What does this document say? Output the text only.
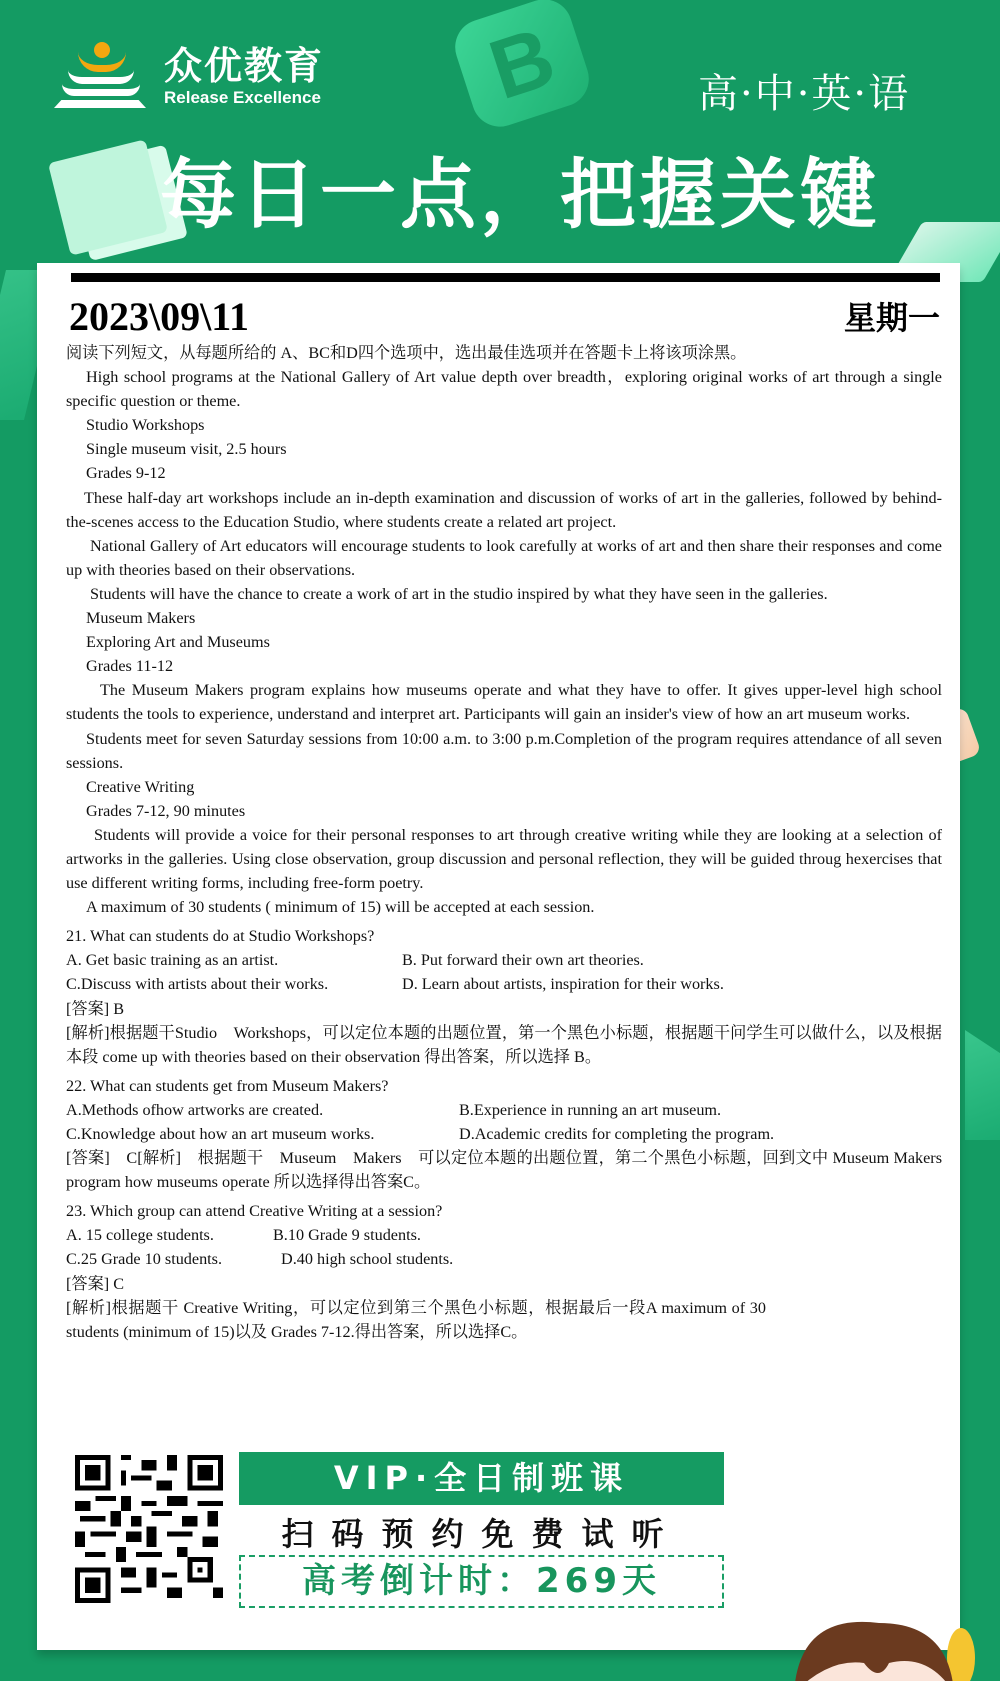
B
众优教育
Release Excellence	高·中·英·语
每日一点，把握关键
2023\09\11	星期一

阅读下列短文，从每题所给的 A、BC和D四个选项中，选出最佳选项并在答题卡上将该项涂黑。

High school programs at the National Gallery of Art value depth over breadth，exploring original works of art through a single specific question or theme.

Studio Workshops

Single museum visit, 2.5 hours

Grades 9-12

These half-day art workshops include an in-depth examination and discussion of works of art in the galleries, followed by behind-the-scenes access to the Education Studio, where students create a related art project.

National Gallery of Art educators will encourage students to look carefully at works of art and then share their responses and come up with theories based on their observations.

Students will have the chance to create a work of art in the studio inspired by what they have seen in the galleries.

Museum Makers

Exploring Art and Museums

Grades 11-12

The Museum Makers program explains how museums operate and what they have to offer. It gives upper-level high school students the tools to experience, understand and interpret art. Participants will gain an insider's view of how an art museum works.

Students meet for seven Saturday sessions from 10:00 a.m. to 3:00 p.m.Completion of the program requires attendance of all seven sessions.

Creative Writing

Grades 7-12, 90 minutes

Students will provide a voice for their personal responses to art through creative writing while they are looking at a selection of artworks in the galleries. Using close observation, group discussion and personal reflection, they will be guided throug hexercises that use different writing forms, including free-form poetry.

A maximum of 30 students ( minimum of 15) will be accepted at each session.

21. What can students do at Studio Workshops?

A. Get basic training as an artist.	B. Put forward their own art theories.

C.Discuss with artists about their works.	D. Learn about artists, inspiration for their works.

[答案] B

[解析]根据题干Studio　Workshops，可以定位本题的出题位置，第一个黑色小标题，根据题干问学生可以做什么，以及根据本段 come up with theories based on their observation 得出答案，所以选择 B。

22. What can students get from Museum Makers?

A.Methods ofhow artworks are created.	B.Experience in running an art museum.

C.Knowledge about how an art museum works.	D.Academic credits for completing the program.

[答案]　C[解析]　根据题干　Museum　Makers　可以定位本题的出题位置，第二个黑色小标题，回到文中 Museum Makers program how museums operate 所以选择得出答案C。

23. Which group can attend Creative Writing at a session?

A. 15 college students.	B.10 Grade 9 students.

C.25 Grade 10 students.	D.40 high school students.

[答案] C

[解析]根据题干 Creative Writing，可以定位到第三个黑色小标题，根据最后一段A maximum of 30 students (minimum of 15)以及 Grades 7-12.得出答案，所以选择C。

VIP·全日制班课
扫码预约免费试听
高考倒计时：269天
